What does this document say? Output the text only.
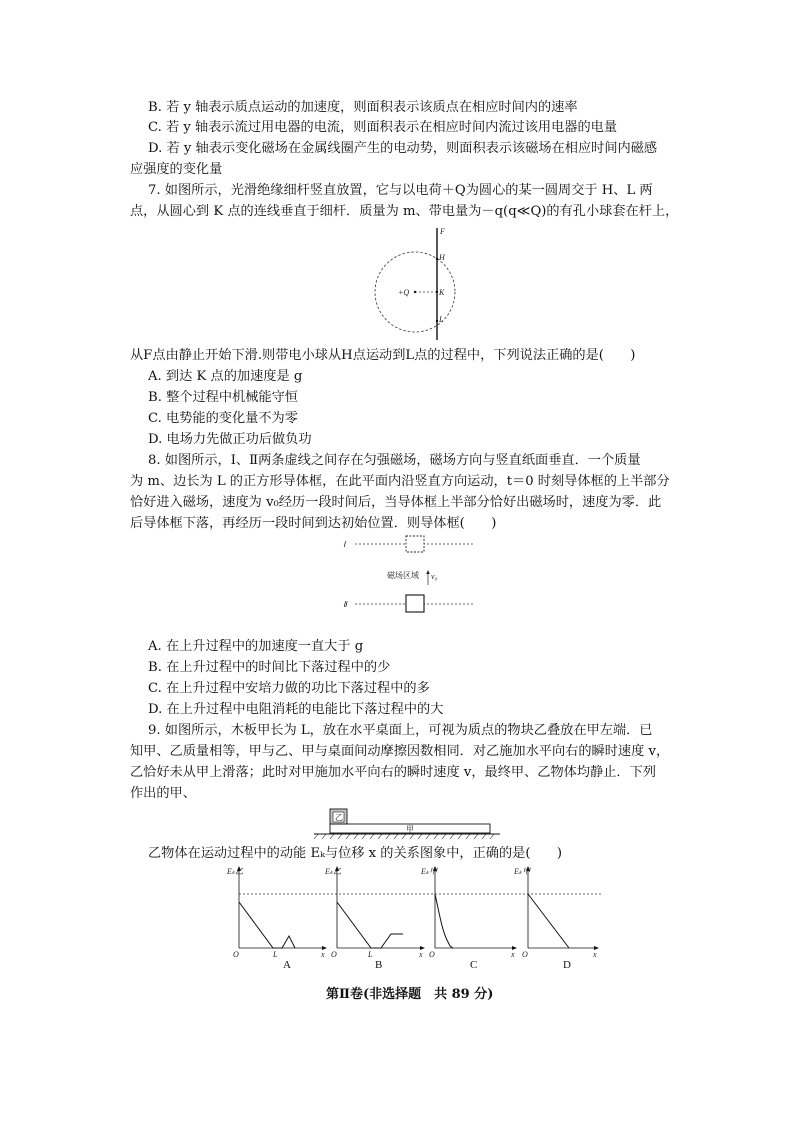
B. 若 y 轴表示质点运动的加速度，则面积表示该质点在相应时间内的速率
C. 若 y 轴表示流过用电器的电流，则面积表示在相应时间内流过该用电器的电量
D. 若 y 轴表示变化磁场在金属线圈产生的电动势，则面积表示该磁场在相应时间内磁感
应强度的变化量
7. 如图所示，光滑绝缘细杆竖直放置，它与以电荷＋Q为圆心的某一圆周交于 H、L 两
点，从圆心到 K 点的连线垂直于细杆．质量为 m、带电量为－q(q≪Q)的有孔小球套在杆上，
F
H
K
L
+Q
从F点由静止开始下滑.则带电小球从H点运动到L点的过程中，下列说法正确的是(　　)
A. 到达 K 点的加速度是 g
B. 整个过程中机械能守恒
C. 电势能的变化量不为零
D. 电场力先做正功后做负功
8. 如图所示，Ⅰ、Ⅱ两条虚线之间存在匀强磁场，磁场方向与竖直纸面垂直．一个质量
为 m、边长为 L 的正方形导体框，在此平面内沿竖直方向运动，t＝0 时刻导体框的上半部分
恰好进入磁场，速度为 v₀经历一段时间后，当导体框上半部分恰好出磁场时，速度为零．此
后导体框下落，再经历一段时间到达初始位置．则导体框(　　)
Ⅰ
Ⅱ
磁场区域 v₀
A. 在上升过程中的加速度一直大于 g
B. 在上升过程中的时间比下落过程中的少
C. 在上升过程中安培力做的功比下落过程中的多
D. 在上升过程中电阻消耗的电能比下落过程中的大
9. 如图所示，木板甲长为 L，放在水平桌面上，可视为质点的物块乙叠放在甲左端．已
知甲、乙质量相等，甲与乙、甲与桌面间动摩擦因数相同．对乙施加水平向右的瞬时速度 v，
乙恰好未从甲上滑落；此时对甲施加水平向右的瞬时速度 v，最终甲、乙物体均静止．下列
作出的甲、
乙
甲
乙物体在运动过程中的动能 Eₖ与位移 x 的关系图象中，正确的是(　　)
Eₖ乙
O	L	x
A
Eₖ乙
O	L	x
B
Eₖ甲
O	x
C
Eₖ甲
O	x
D
第Ⅱ卷(非选择题　共 89 分)
